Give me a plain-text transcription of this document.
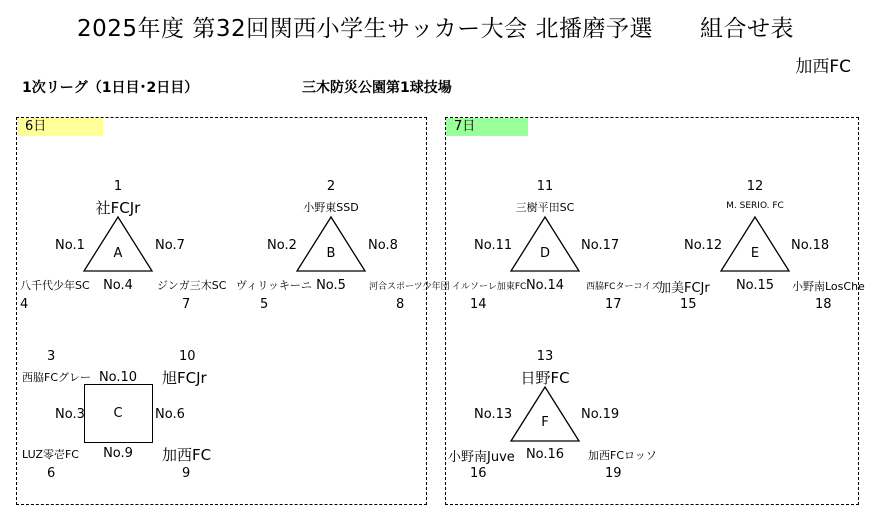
2025年度 第32回関西小学生サッカー大会 北播磨予選　　組合せ表
加西FC
1次リーグ（1日目･2日目）	三木防災公園第1球技場
6日	7日
1
社FCJr
A
No.1	No.7
No.4
八千代少年SC
4
ジンガ三木SC
7
2
小野東SSD
B
No.2	No.8
No.5
ヴィリッキーニ
5
河合スポーツ少年団
8
3
西脇FCグレー
10
旭FCJr
C
No.10
No.3	No.6
No.9
LUZ零壱FC
6
加西FC
9
11
三樹平田SC
D
No.11	No.17
No.14
イルソーレ加東FC
14
西脇FCターコイズ
17
12
M. SERIO. FC
E
No.12	No.18
No.15
加美FCJr
15
小野南LosChe
18
13
日野FC
F
No.13	No.19
No.16
小野南Juve
16
加西FCロッソ
19
